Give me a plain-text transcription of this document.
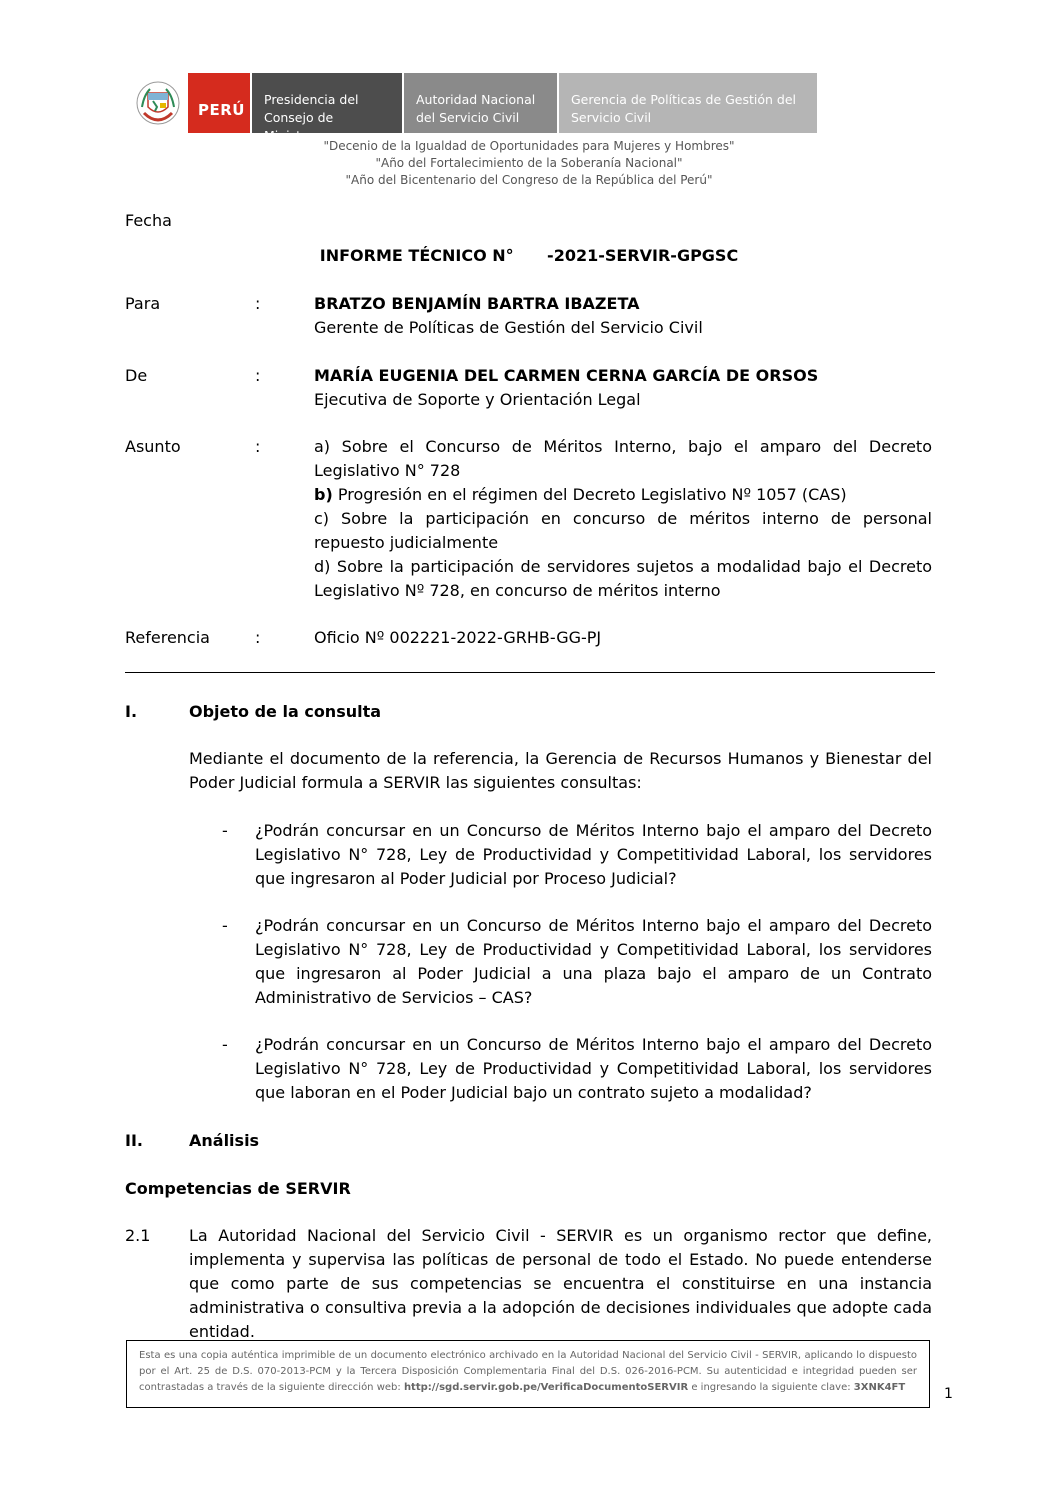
PERÚ
Presidencia del
Consejo de Ministros
Autoridad Nacional
del Servicio Civil
Gerencia de Políticas de Gestión del
Servicio Civil
"Decenio de la Igualdad de Oportunidades para Mujeres y Hombres"
"Año del Fortalecimiento de la Soberanía Nacional"
"Año del Bicentenario del Congreso de la República del Perú"
Fecha
INFORME TÉCNICO N°      -2021-SERVIR-GPGSC
Para	:	BRATZO BENJAMÍN BARTRA IBAZETA
Gerente de Políticas de Gestión del Servicio Civil
De	:	MARÍA EUGENIA DEL CARMEN CERNA GARCÍA DE ORSOS
Ejecutiva de Soporte y Orientación Legal
Asunto	:	a) Sobre el Concurso de Méritos Interno, bajo el amparo del Decreto Legislativo N° 728
b) Progresión en el régimen del Decreto Legislativo Nº 1057 (CAS)
c) Sobre la participación en concurso de méritos interno de personal repuesto judicialmente
d) Sobre la participación de servidores sujetos a modalidad bajo el Decreto Legislativo Nº 728, en concurso de méritos interno
Referencia	:	Oficio Nº 002221-2022-GRHB-GG-PJ
I.	Objeto de la consulta
Mediante el documento de la referencia, la Gerencia de Recursos Humanos y Bienestar del Poder Judicial formula a SERVIR las siguientes consultas:
- ¿Podrán concursar en un Concurso de Méritos Interno bajo el amparo del Decreto Legislativo N° 728, Ley de Productividad y Competitividad Laboral, los servidores que ingresaron al Poder Judicial por Proceso Judicial?
- ¿Podrán concursar en un Concurso de Méritos Interno bajo el amparo del Decreto Legislativo N° 728, Ley de Productividad y Competitividad Laboral, los servidores que ingresaron al Poder Judicial a una plaza bajo el amparo de un Contrato Administrativo de Servicios – CAS?
- ¿Podrán concursar en un Concurso de Méritos Interno bajo el amparo del Decreto Legislativo N° 728, Ley de Productividad y Competitividad Laboral, los servidores que laboran en el Poder Judicial bajo un contrato sujeto a modalidad?
II.	Análisis
Competencias de SERVIR
2.1 La Autoridad Nacional del Servicio Civil - SERVIR es un organismo rector que define, implementa y supervisa las políticas de personal de todo el Estado. No puede entenderse que como parte de sus competencias se encuentra el constituirse en una instancia administrativa o consultiva previa a la adopción de decisiones individuales que adopte cada entidad.
Esta es una copia auténtica imprimible de un documento electrónico archivado en la Autoridad Nacional del Servicio Civil - SERVIR, aplicando lo dispuesto por el Art. 25 de D.S. 070-2013-PCM y la Tercera Disposición Complementaria Final del D.S. 026-2016-PCM. Su autenticidad e integridad pueden ser contrastadas a través de la siguiente dirección web: http://sgd.servir.gob.pe/VerificaDocumentoSERVIR e ingresando la siguiente clave: 3XNK4FT	1
